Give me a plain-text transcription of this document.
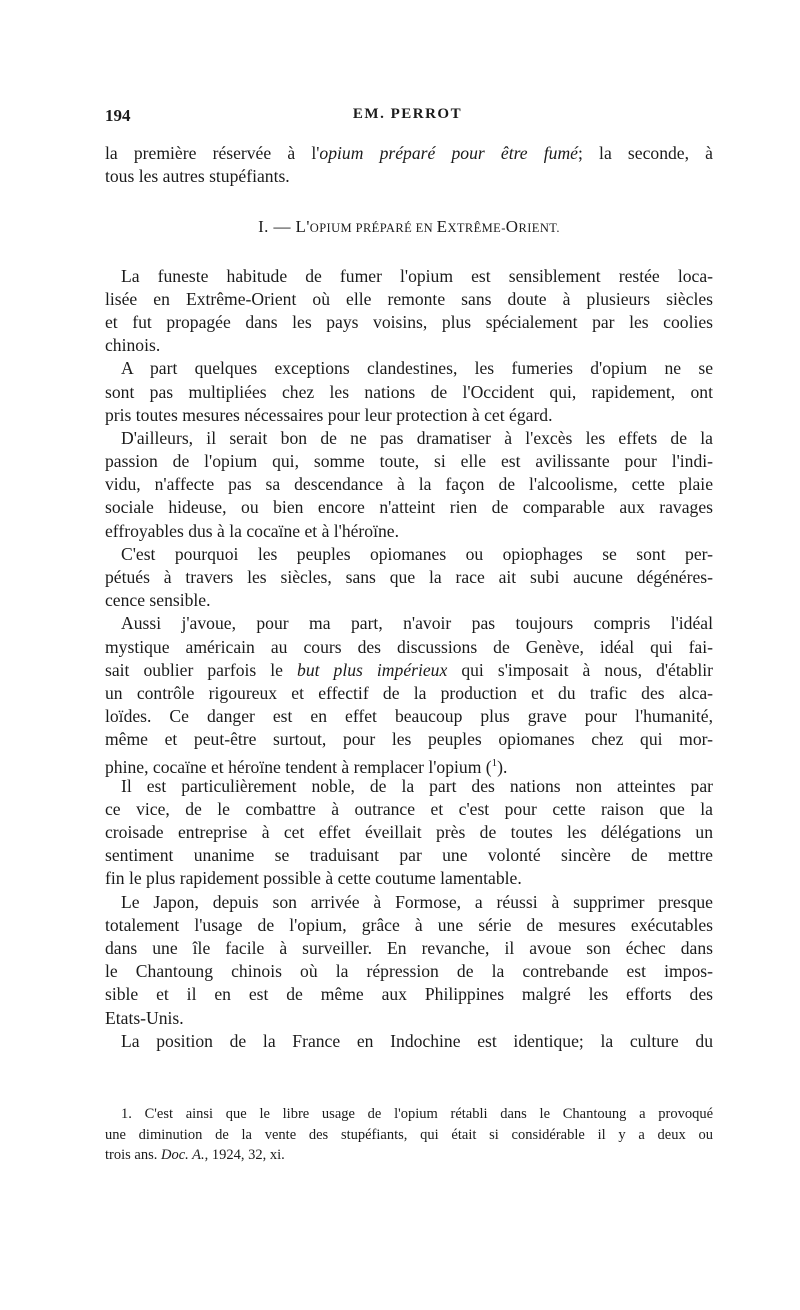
194	EM. PERROT
la première réservée à l'opium préparé pour être fumé; la seconde, à
tous les autres stupéfiants.
I. — L'OPIUM PRÉPARÉ EN EXTRÊME-ORIENT.
La funeste habitude de fumer l'opium est sensiblement restée loca-
lisée en Extrême-Orient où elle remonte sans doute à plusieurs siècles
et fut propagée dans les pays voisins, plus spécialement par les coolies
chinois.
A part quelques exceptions clandestines, les fumeries d'opium ne se
sont pas multipliées chez les nations de l'Occident qui, rapidement, ont
pris toutes mesures nécessaires pour leur protection à cet égard.
D'ailleurs, il serait bon de ne pas dramatiser à l'excès les effets de la
passion de l'opium qui, somme toute, si elle est avilissante pour l'indi-
vidu, n'affecte pas sa descendance à la façon de l'alcoolisme, cette plaie
sociale hideuse, ou bien encore n'atteint rien de comparable aux ravages
effroyables dus à la cocaïne et à l'héroïne.
C'est pourquoi les peuples opiomanes ou opiophages se sont per-
pétués à travers les siècles, sans que la race ait subi aucune dégénéres-
cence sensible.
Aussi j'avoue, pour ma part, n'avoir pas toujours compris l'idéal
mystique américain au cours des discussions de Genève, idéal qui fai-
sait oublier parfois le but plus impérieux qui s'imposait à nous, d'établir
un contrôle rigoureux et effectif de la production et du trafic des alca-
loïdes. Ce danger est en effet beaucoup plus grave pour l'humanité,
même et peut-être surtout, pour les peuples opiomanes chez qui mor-
phine, cocaïne et héroïne tendent à remplacer l'opium ($^1$).
Il est particulièrement noble, de la part des nations non atteintes par
ce vice, de le combattre à outrance et c'est pour cette raison que la
croisade entreprise à cet effet éveillait près de toutes les délégations un
sentiment unanime se traduisant par une volonté sincère de mettre
fin le plus rapidement possible à cette coutume lamentable.
Le Japon, depuis son arrivée à Formose, a réussi à supprimer presque
totalement l'usage de l'opium, grâce à une série de mesures exécutables
dans une île facile à surveiller. En revanche, il avoue son échec dans
le Chantoung chinois où la répression de la contrebande est impos-
sible et il en est de même aux Philippines malgré les efforts des
Etats-Unis.
La position de la France en Indochine est identique; la culture du
1. C'est ainsi que le libre usage de l'opium rétabli dans le Chantoung a provoqué
une diminution de la vente des stupéfiants, qui était si considérable il y a deux ou
trois ans. Doc. A., 1924, 32, xi.
